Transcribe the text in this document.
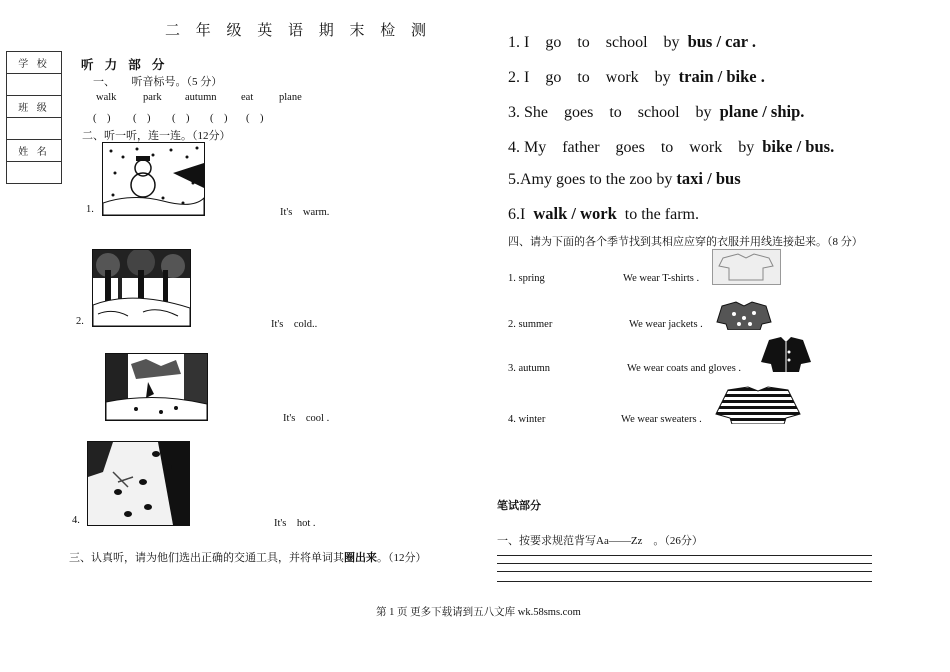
二 年 级 英 语 期 末 检 测
学 校

班 级

姓 名

听 力 部 分
一、　　听音标号。（5 分）
walk	park autumn eat plane
(　) (　) (　) (　) (　)
二、听一听，连一连。（12分）
1.	It's　warm.
2.	It's　cold..
It's　cool .
4.	It's　hot .
三、认真听，请为他们选出正确的交通工具，并将单词其圈出来。（12分）
1. I　go　to　school　by bus / car .
2. I　go　to　work　by train / bike .
3. She　goes　to　school　by plane / ship.
4. My　father　goes　to　work　by bike / bus.
5.Amy goes to the zoo by taxi / bus
6.I walk / work to the farm.
四、请为下面的各个季节找到其相应应穿的衣服并用线连接起来。（8 分）
1. spring	We wear T-shirts .
2. summer	We wear jackets .
3. autumn	We wear coats and gloves .
4. winter	We wear sweaters .
笔试部分
一、按要求规范背写Aa——Zz　。（26分）
第 1 页 更多下载请到五八文库 wk.58sms.com
